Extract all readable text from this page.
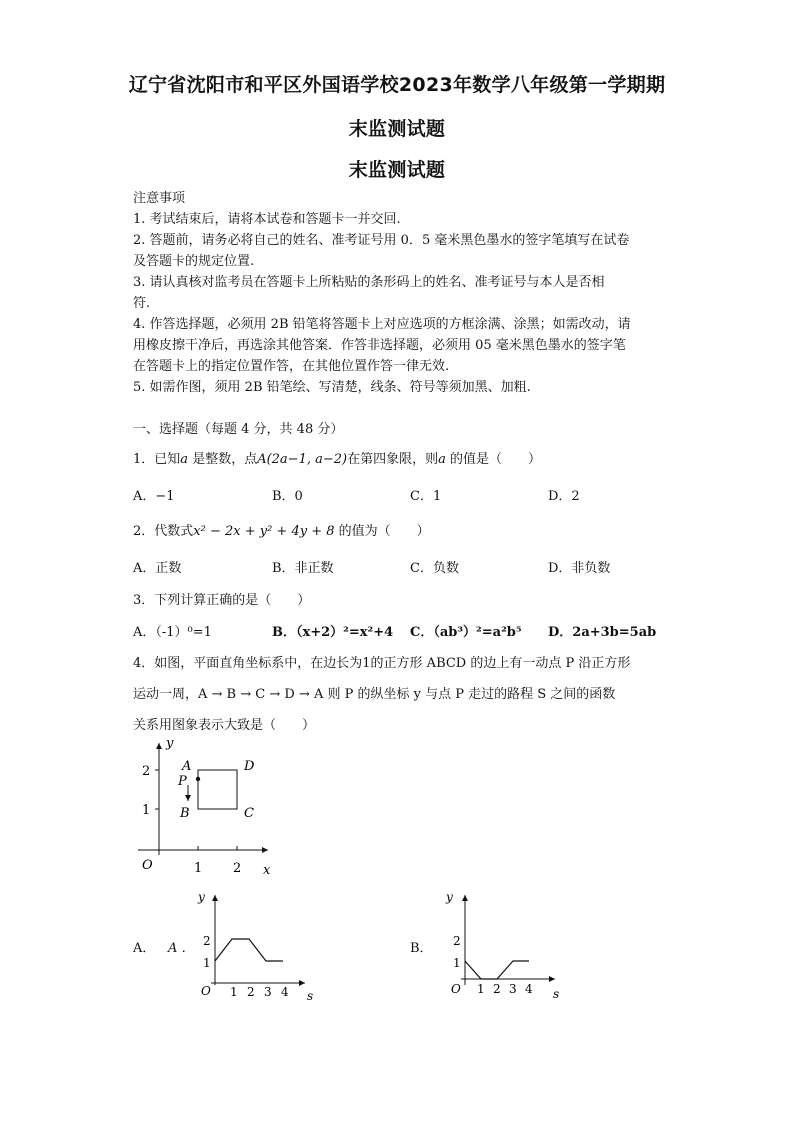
辽宁省沈阳市和平区外国语学校2023年数学八年级第一学期期
末监测试题
末监测试题
注意事项
1. 考试结束后，请将本试卷和答题卡一并交回.
2. 答题前，请务必将自己的姓名、准考证号用 0．5 毫米黑色墨水的签字笔填写在试卷
及答题卡的规定位置.
3. 请认真核对监考员在答题卡上所粘贴的条形码上的姓名、准考证号与本人是否相
符.
4. 作答选择题，必须用 2B 铅笔将答题卡上对应选项的方框涂满、涂黑；如需改动，请
用橡皮擦干净后，再选涂其他答案．作答非选择题，必须用 05 毫米黑色墨水的签字笔
在答题卡上的指定位置作答，在其他位置作答一律无效.
5. 如需作图，须用 2B 铅笔绘、写清楚，线条、符号等须加黑、加粗.
一、选择题（每题 4 分，共 48 分）
1．已知a 是整数，点A(2a−1, a−2)在第四象限，则a 的值是（　　）
A．−1	B．0	C．1	D．2
2．代数式x² − 2x + y² + 4y + 8 的值为（　　）
A．正数	B．非正数	C．负数	D．非负数
3．下列计算正确的是（　　）
A．（-1）⁰=1	B．（x+2）²=x²+4 C．（ab³）²=a²b⁵ D．2a+3b=5ab
4．如图，平面直角坐标系中，在边长为1的正方形 ABCD 的边上有一动点 P 沿正方形
运动一周，A → B → C → D → A 则 P 的纵坐标 y 与点 P 走过的路程 S 之间的函数
关系用图象表示大致是（　　）
y
x
O
A
P
B	C
D
2
1
1 2
A． A ．
y
s
O
2
1
1 2 3 4
B．
y
s
O
2
1
1 2 3 4
